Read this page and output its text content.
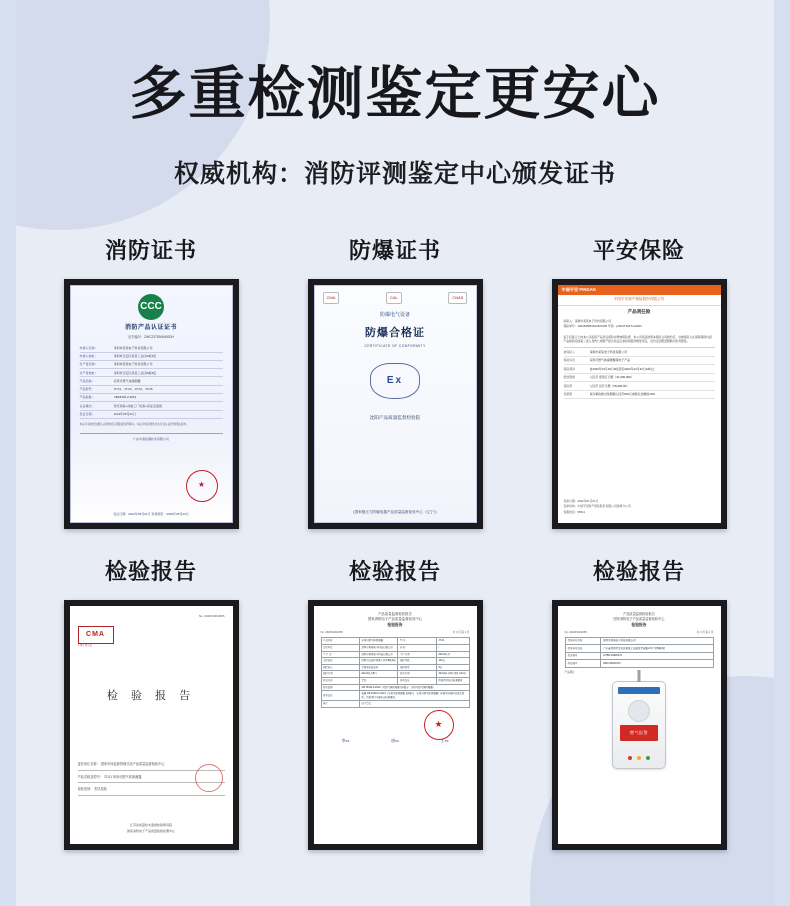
多重检测鉴定更安心
权威机构：消防评测鉴定中心颁发证书
消防证书
CCC
消防产品认证证书
证书编号：ZWC2379266400DH
申请人名称：	深圳市某某电子科技有限公司
申请人地址：	深圳市宝安区某某工业区B栋3层
生产者名称：	深圳市某某电子科技有限公司
生产者地址：	深圳市宝安区某某工业区B栋3层
产品名称：	家用可燃气体探测器
产品型号：	JT-01、JT-02、JT-03、JT-05
产品标准：	GB15322.2-2019
认证模式：	型式试验+初始工厂检查+获证后监督
发证日期：	2021年05月21日
本证书有效性依据认证机构的定期监督获得保持。本证书的有效性状态可在认证机构网站查询。
广东中鉴检测技术有限公司
★
发证日期：2021年05月21日 有效期至：2026年05月20日
防爆证书
CMA	CAL	CNAS
防爆电气设备
防爆合格证
CERTIFICATE OF CONFORMITY
Ex
沈阳产品质量监督检验院
(国家级压力防爆电器产品质量监督检验中心（辽宁）)
平安保险
中国平安 PINGAN
中国平安财产保险股份有限公司
产品责任险
投保人：深圳市某某电子科技有限公司
保险单号：1002695951524401205 号码：pV0kJT22bTxxH303
鉴于投保人已向本公司投保产品责任保险并缴纳保险费，本公司同意按照本保险合同的约定，对被保险人在保险期间内因产品缺陷造成第三者人身伤亡或财产损失依法应承担的经济赔偿责任，在约定的赔偿限额内负责赔偿。
被保险人	深圳市某某电子科技有限公司
保险标的	家用可燃气体探测器等电子产品
保险期间	自2022年01月01日0时起至2022年12月31日24时止
赔偿限额	人民币 壹佰万元整（¥1,000,000）
保险费	人民币 伍仟元整（¥5,000.00）
免赔额	每次事故绝对免赔额人民币500元或损失金额的10%
签单日期：2022年01月01日
签单机构：中国平安财产保险股份有限公司深圳分公司
客服电话：95511
检验报告
No. 2020F3302065
CMA
中国计量认证
检 验 报 告
委托单位名称： 国家市场监督管理总局产品质量监督检验中心
产品名称及型号： JT-01 家用可燃气体探测器
检验类别： 型式检验
江苏省质量技术监督检验研究院
国家消防电子产品质量检验检测中心
检验报告
产品质量监督检验报告
国家消防电子产品质量监督检验中心
检验报告
No. 2020F3302065	共 3 页 第 1 页
产品名称	家用可燃气体探测器	型 号	JT-01
受检单位	深圳市某某电子科技有限公司	商 标	/
生 产 者	深圳市某某电子科技有限公司	生产日期	2021年1月
受检地址	深圳市宝安区某某工业区B栋3层	抽样基数	100台
抽样地点	受检单位成品库	抽样数量	8台
抽样日期	2021年1月8日	检验日期	2021年1月11日至1月22日
样品状态	完好	检验结论	所检项目符合标准要求
检验依据	GB 15322.2-2019《可燃气体探测器 第2部分：家用可燃气体探测器》		
检验结论	依据 GB 15322.2-2019《可燃气体探测器 第2部分：家用可燃气体探测器》标准对送检样品进行检验，所检项目全部符合标准要求。		
备注	以下空白		
★
李xx	唐xx	王xx
检验报告
产品质量监督检验报告
国家消防电子产品质量监督检验中心
检验报告
No. 2020F3302065	共 3 页 第 2 页
受检单位名称	深圳市某某电子科技有限公司
受检单位地址	广东省深圳市宝安区某某工业园区学府路2号厂房B栋3层
报告编号	GYBD-30820170
样品编号	0900-30820170
产品照片
燃气报警
